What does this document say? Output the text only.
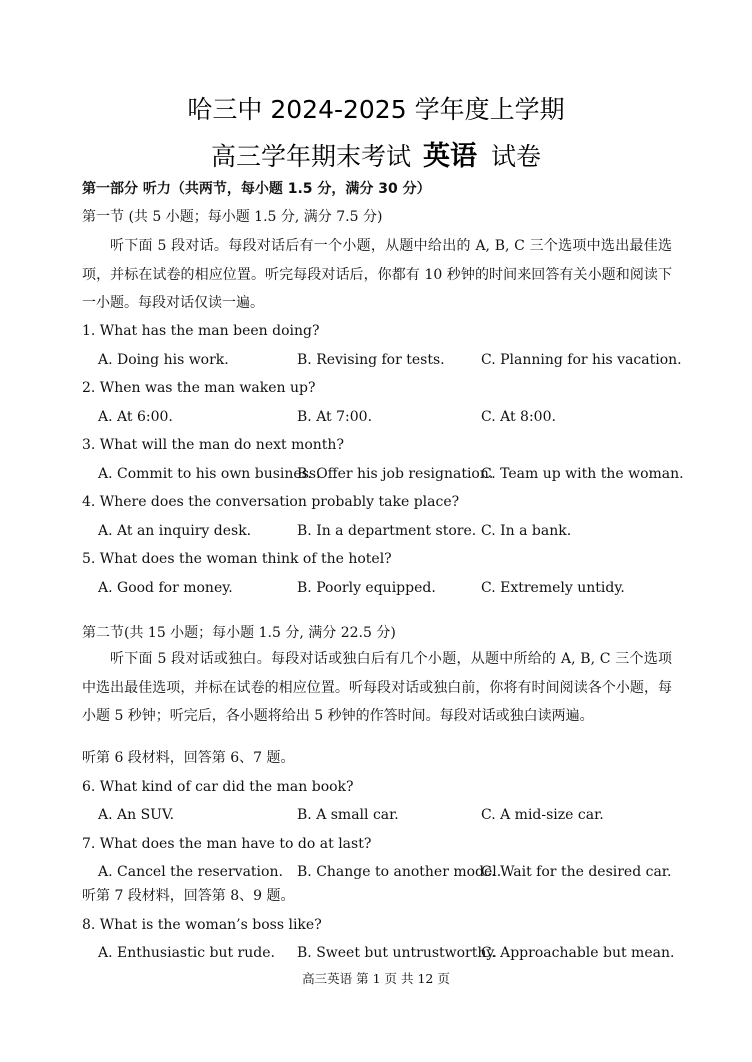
哈三中 2024-2025 学年度上学期
高三学年期末考试 英语 试卷
第一部分 听力（共两节，每小题 1.5 分，满分 30 分）
第一节 (共 5 小题；每小题 1.5 分, 满分 7.5 分)
听下面 5 段对话。每段对话后有一个小题，从题中给出的 A, B, C 三个选项中选出最佳选项，并标在试卷的相应位置。听完每段对话后，你都有 10 秒钟的时间来回答有关小题和阅读下一小题。每段对话仅读一遍。
1. What has the man been doing?
A. Doing his work.	B. Revising for tests.	C. Planning for his vacation.
2. When was the man waken up?
A. At 6:00.	B. At 7:00.	C. At 8:00.
3. What will the man do next month?
A. Commit to his own business.
B. Offer his job resignation.
C. Team up with the woman.
4. Where does the conversation probably take place?
A. At an inquiry desk.	B. In a department store. C. In a bank.
5. What does the woman think of the hotel?
A. Good for money.	B. Poorly equipped.	C. Extremely untidy.
第二节(共 15 小题；每小题 1.5 分, 满分 22.5 分)
听下面 5 段对话或独白。每段对话或独白后有几个小题，从题中所给的 A, B, C 三个选项中选出最佳选项，并标在试卷的相应位置。听每段对话或独白前，你将有时间阅读各个小题，每小题 5 秒钟；听完后，各小题将给出 5 秒钟的作答时间。每段对话或独白读两遍。
听第 6 段材料，回答第 6、7 题。
6. What kind of car did the man book?
A. An SUV.	B. A small car.	C. A mid-size car.
7. What does the man have to do at last?
A. Cancel the reservation. B. Change to another model.
C. Wait for the desired car.
听第 7 段材料，回答第 8、9 题。
8. What is the woman’s boss like?
A. Enthusiastic but rude. B. Sweet but untrustworthy.
C. Approachable but mean.
高三英语 第 1 页 共 12 页
